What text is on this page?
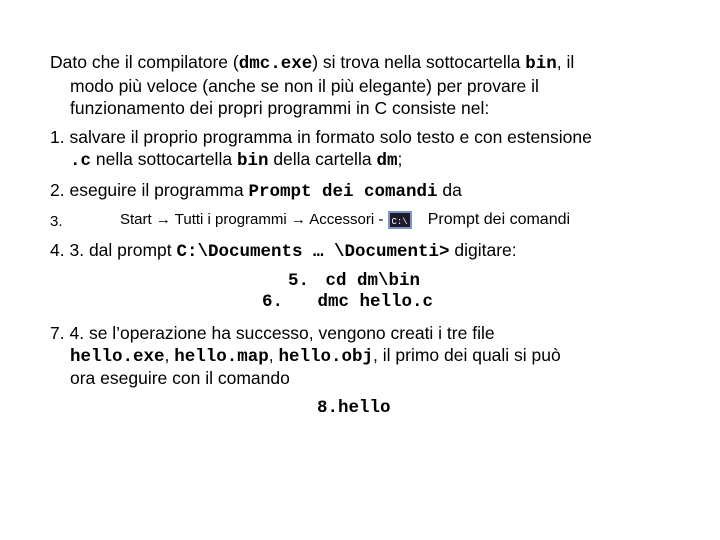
Dato che il compilatore (dmc.exe) si trova nella sottocartella bin, il
modo più veloce (anche se non il più elegante) per provare il
funzionamento dei propri programmi in C consiste nel:
1. salvare il proprio programma in formato solo testo e con estensione
.c nella sottocartella bin della cartella dm;
2. eseguire il programma Prompt dei comandi da
3.	Start → Tutti i programmi → Accessori - C:\ Prompt dei comandi
4. 3. dal prompt C:\Documents … \Documenti> digitare:
5. cd dm\bin
6. dmc hello.c
7. 4. se l’operazione ha successo, vengono creati i tre file
hello.exe, hello.map, hello.obj, il primo dei quali si può
ora eseguire con il comando
8.hello
